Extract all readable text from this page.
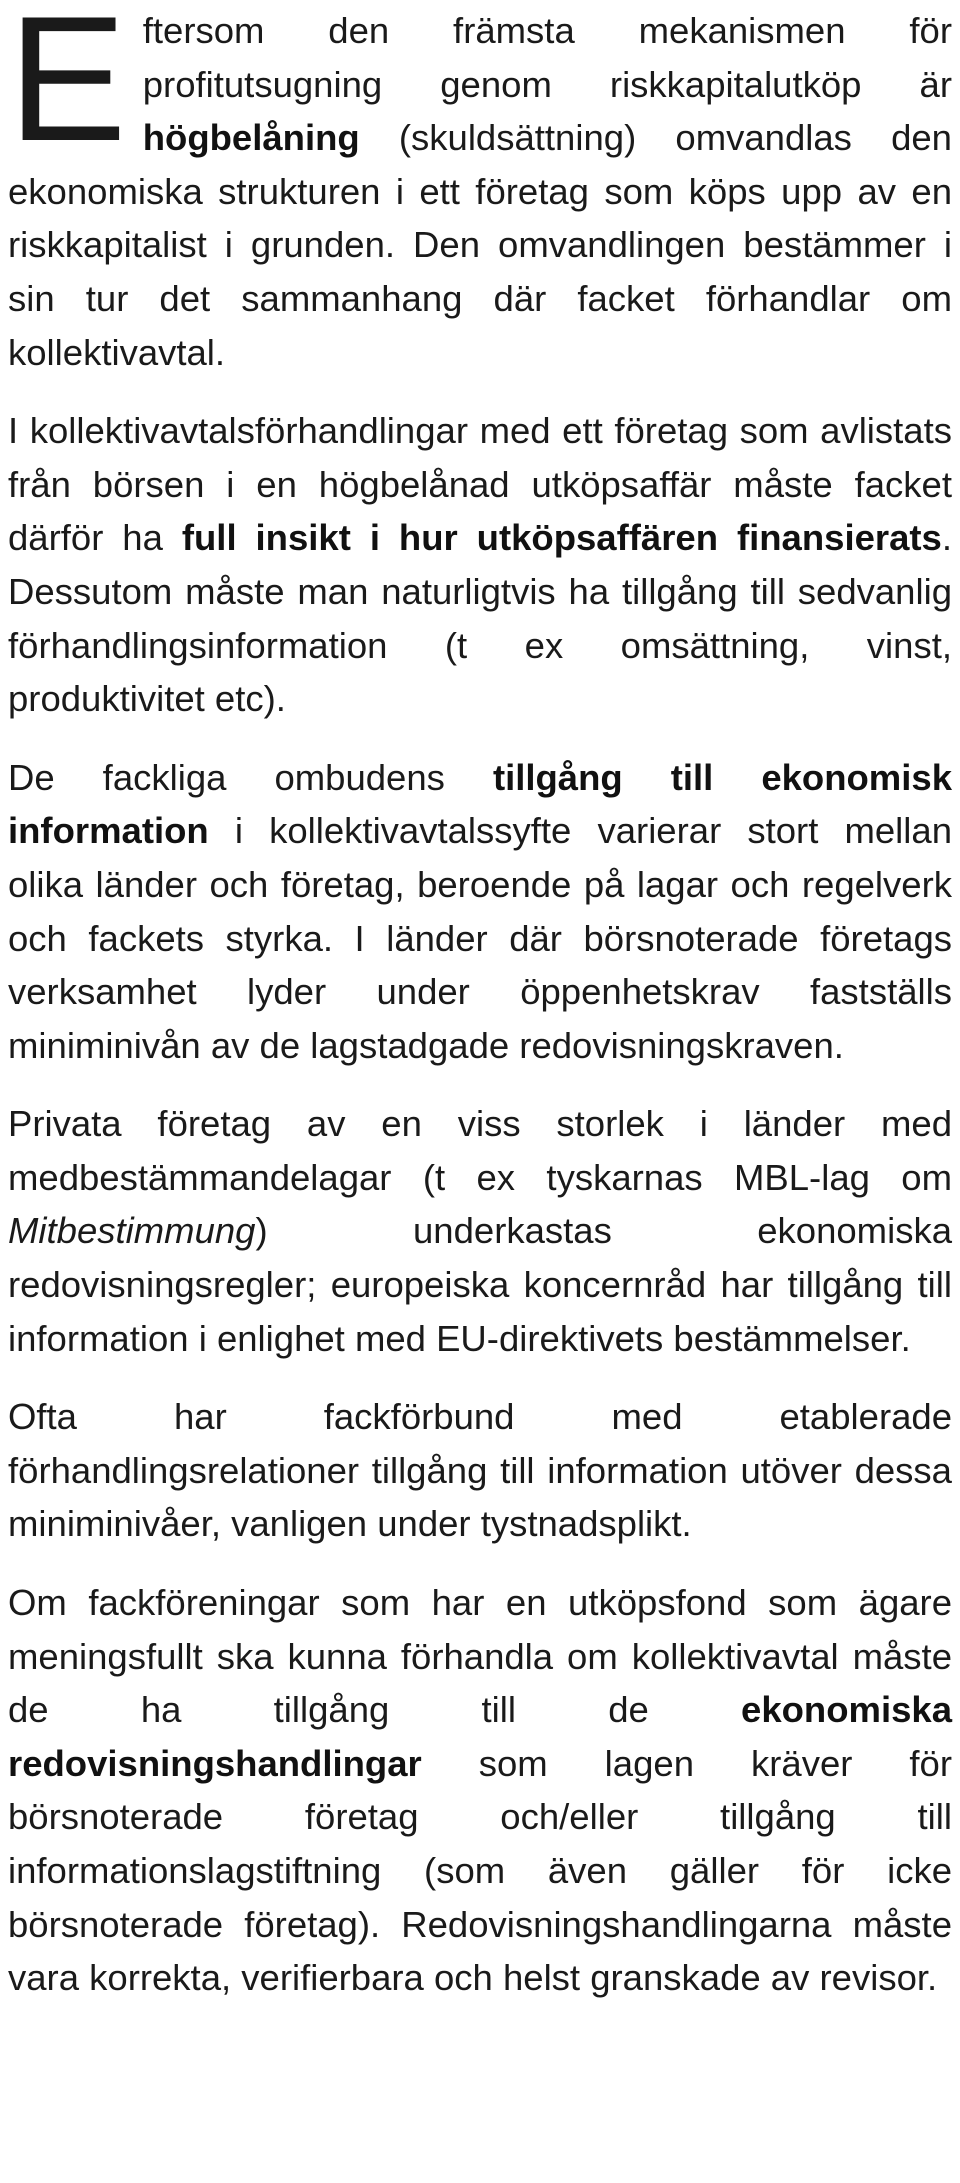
Eftersom den främsta mekanismen för profitutsugning genom riskkapitalutköp är högbelåning (skuldsättning) omvandlas den ekonomiska strukturen i ett företag som köps upp av en riskkapitalist i grunden. Den omvandlingen bestämmer i sin tur det sammanhang där facket förhandlar om kollektivavtal.

I kollektivavtalsförhandlingar med ett företag som avlistats från börsen i en högbelånad utköpsaffär måste facket därför ha full insikt i hur utköpsaffären finansierats. Dessutom måste man naturligtvis ha tillgång till sedvanlig förhandlingsinformation (t ex omsättning, vinst, produktivitet etc).

De fackliga ombudens tillgång till ekonomisk information i kollektivavtalssyfte varierar stort mellan olika länder och företag, beroende på lagar och regelverk och fackets styrka. I länder där börsnoterade företags verksamhet lyder under öppenhetskrav fastställs miniminivån av de lagstadgade redovisningskraven.

Privata företag av en viss storlek i länder med medbestämmandelagar (t ex tyskarnas MBL-lag om Mitbestimmung) underkastas ekonomiska redovisningsregler; europeiska koncernråd har tillgång till information i enlighet med EU-direktivets bestämmelser.

Ofta har fackförbund med etablerade förhandlingsrelationer tillgång till information utöver dessa miniminivåer, vanligen under tystnadsplikt.

Om fackföreningar som har en utköpsfond som ägare meningsfullt ska kunna förhandla om kollektivavtal måste de ha tillgång till de ekonomiska redovisningshandlingar som lagen kräver för börsnoterade företag och/eller tillgång till informationslagstiftning (som även gäller för icke börsnoterade företag). Redovisningshandlingarna måste vara korrekta, verifierbara och helst granskade av revisor.
